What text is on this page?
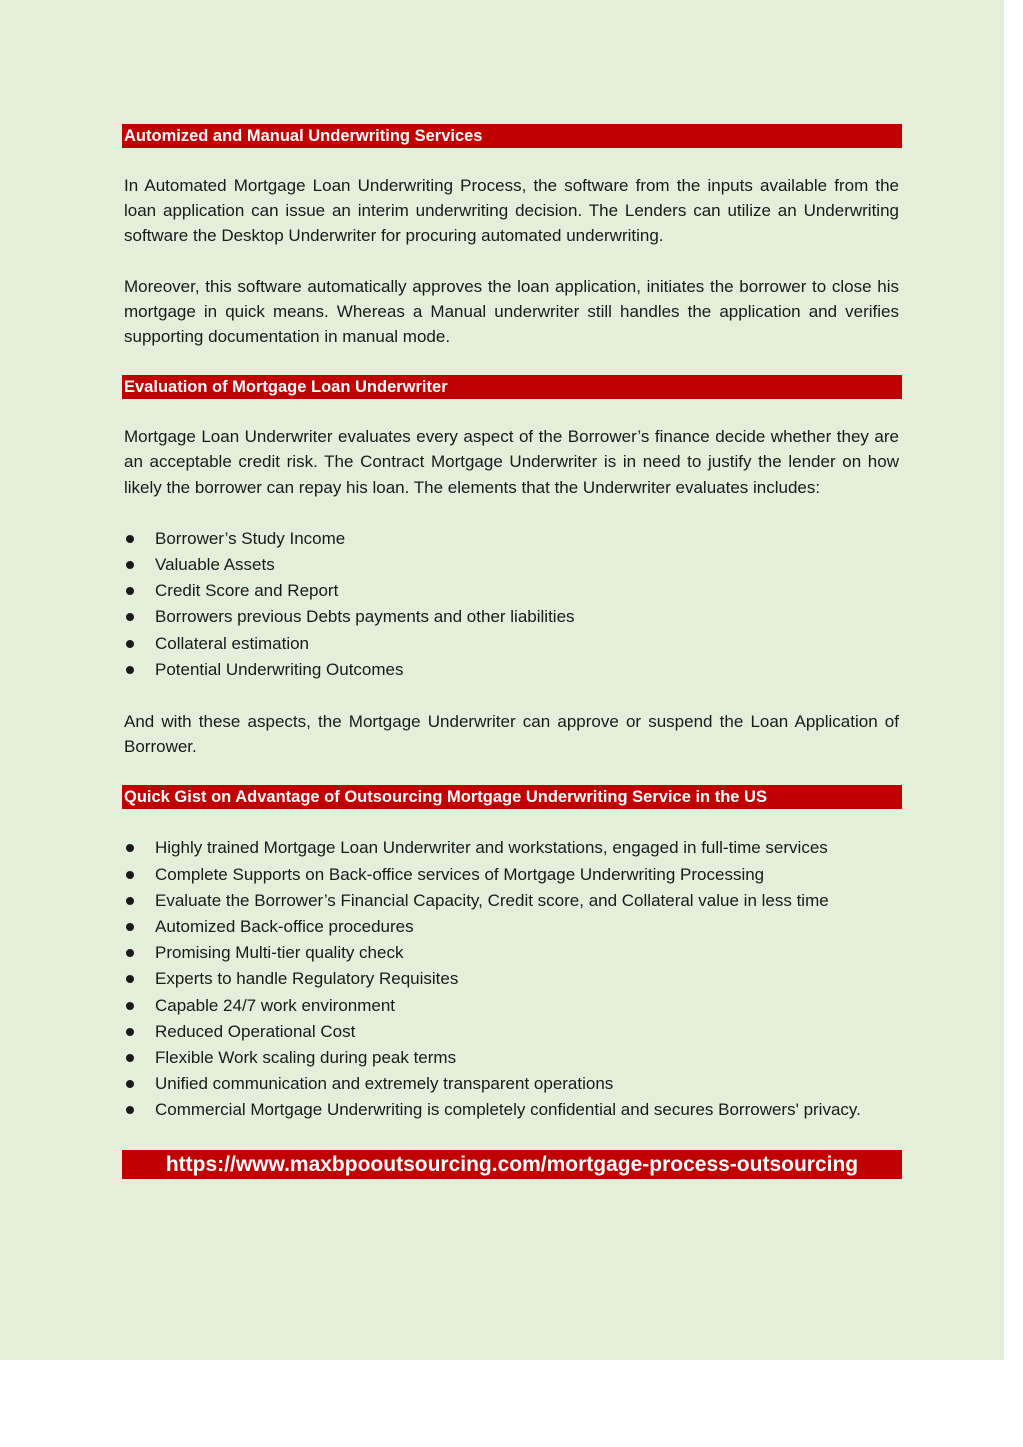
Automized and Manual Underwriting Services

In Automated Mortgage Loan Underwriting Process, the software from the inputs available from the loan application can issue an interim underwriting decision. The Lenders can utilize an Underwriting software the Desktop Underwriter for procuring automated underwriting.

Moreover, this software automatically approves the loan application, initiates the borrower to close his mortgage in quick means. Whereas a Manual underwriter still handles the application and verifies supporting documentation in manual mode.

Evaluation of Mortgage Loan Underwriter

Mortgage Loan Underwriter evaluates every aspect of the Borrower’s finance decide whether they are an acceptable credit risk. The Contract Mortgage Underwriter is in need to justify the lender on how likely the borrower can repay his loan. The elements that the Underwriter evaluates includes:

Borrower’s Study Income
Valuable Assets
Credit Score and Report
Borrowers previous Debts payments and other liabilities
Collateral estimation
Potential Underwriting Outcomes

And with these aspects, the Mortgage Underwriter can approve or suspend the Loan Application of Borrower.

Quick Gist on Advantage of Outsourcing Mortgage Underwriting Service in the US
Highly trained Mortgage Loan Underwriter and workstations, engaged in full-time services
Complete Supports on Back-office services of Mortgage Underwriting Processing
Evaluate the Borrower’s Financial Capacity, Credit score, and Collateral value in less time
Automized Back-office procedures
Promising Multi-tier quality check
Experts to handle Regulatory Requisites
Capable 24/7 work environment
Reduced Operational Cost
Flexible Work scaling during peak terms
Unified communication and extremely transparent operations
Commercial Mortgage Underwriting is completely confidential and secures Borrowers' privacy.
https://www.maxbpooutsourcing.com/mortgage-process-outsourcing
